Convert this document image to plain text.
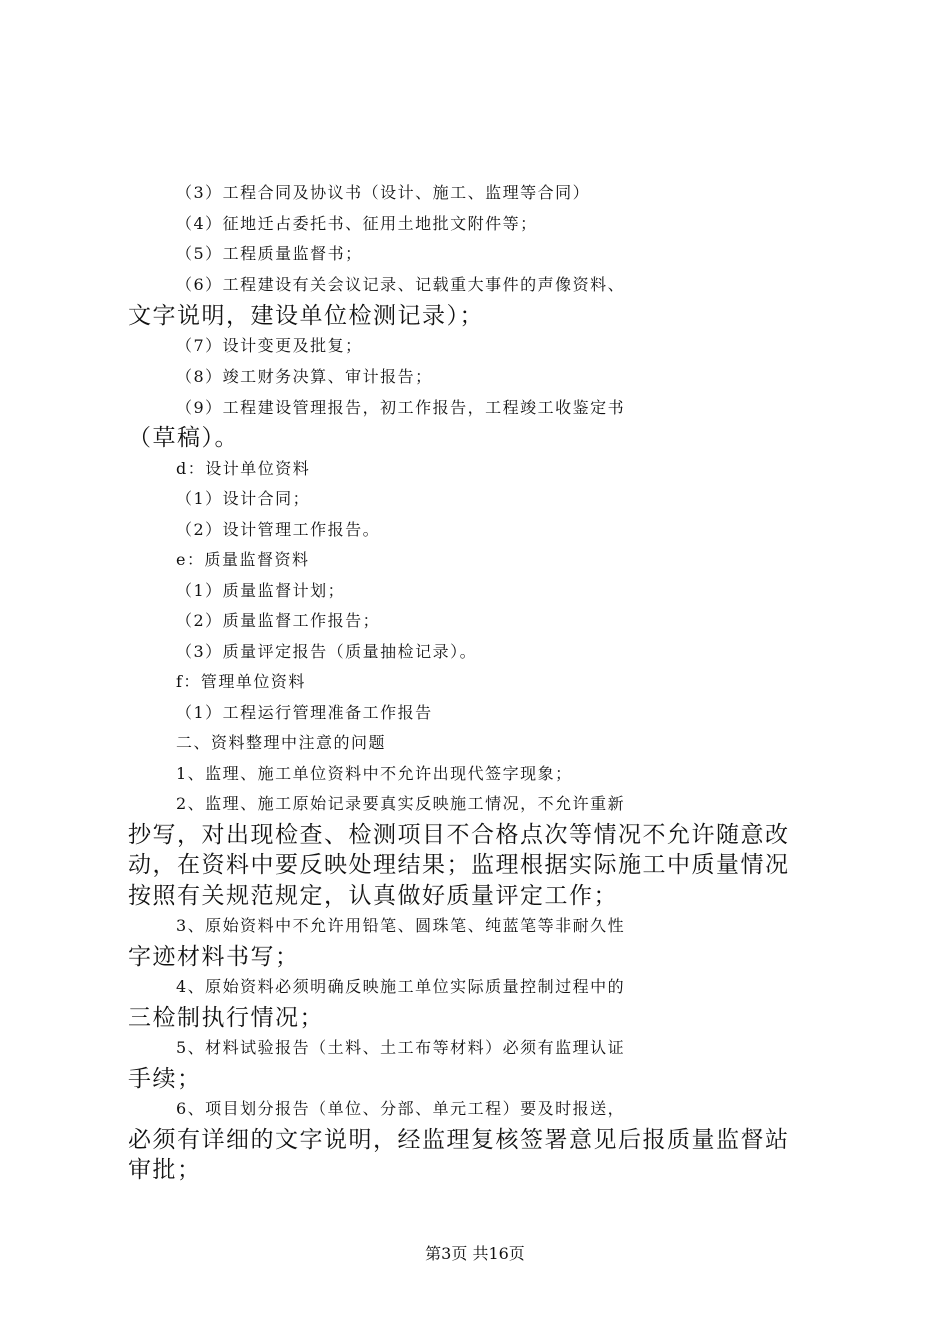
（3）工程合同及协议书（设计、施工、监理等合同）
（4）征地迁占委托书、征用土地批文附件等；
（5）工程质量监督书；
（6）工程建设有关会议记录、记载重大事件的声像资料、
文字说明，建设单位检测记录）；
（7）设计变更及批复；
（8）竣工财务决算、审计报告；
（9）工程建设管理报告，初工作报告，工程竣工收鉴定书
（草稿）。
d：设计单位资料
（1）设计合同；
（2）设计管理工作报告。
e：质量监督资料
（1）质量监督计划；
（2）质量监督工作报告；
（3）质量评定报告（质量抽检记录）。
f：管理单位资料
（1）工程运行管理准备工作报告
二、资料整理中注意的问题
1、监理、施工单位资料中不允许出现代签字现象；
2、监理、施工原始记录要真实反映施工情况，不允许重新
抄写，对出现检查、检测项目不合格点次等情况不允许随意改
动，在资料中要反映处理结果；监理根据实际施工中质量情况
按照有关规范规定，认真做好质量评定工作；
3、原始资料中不允许用铅笔、圆珠笔、纯蓝笔等非耐久性
字迹材料书写；
4、原始资料必须明确反映施工单位实际质量控制过程中的
三检制执行情况；
5、材料试验报告（土料、土工布等材料）必须有监理认证
手续；
6、项目划分报告（单位、分部、单元工程）要及时报送，
必须有详细的文字说明，经监理复核签署意见后报质量监督站
审批；
第3页 共16页
